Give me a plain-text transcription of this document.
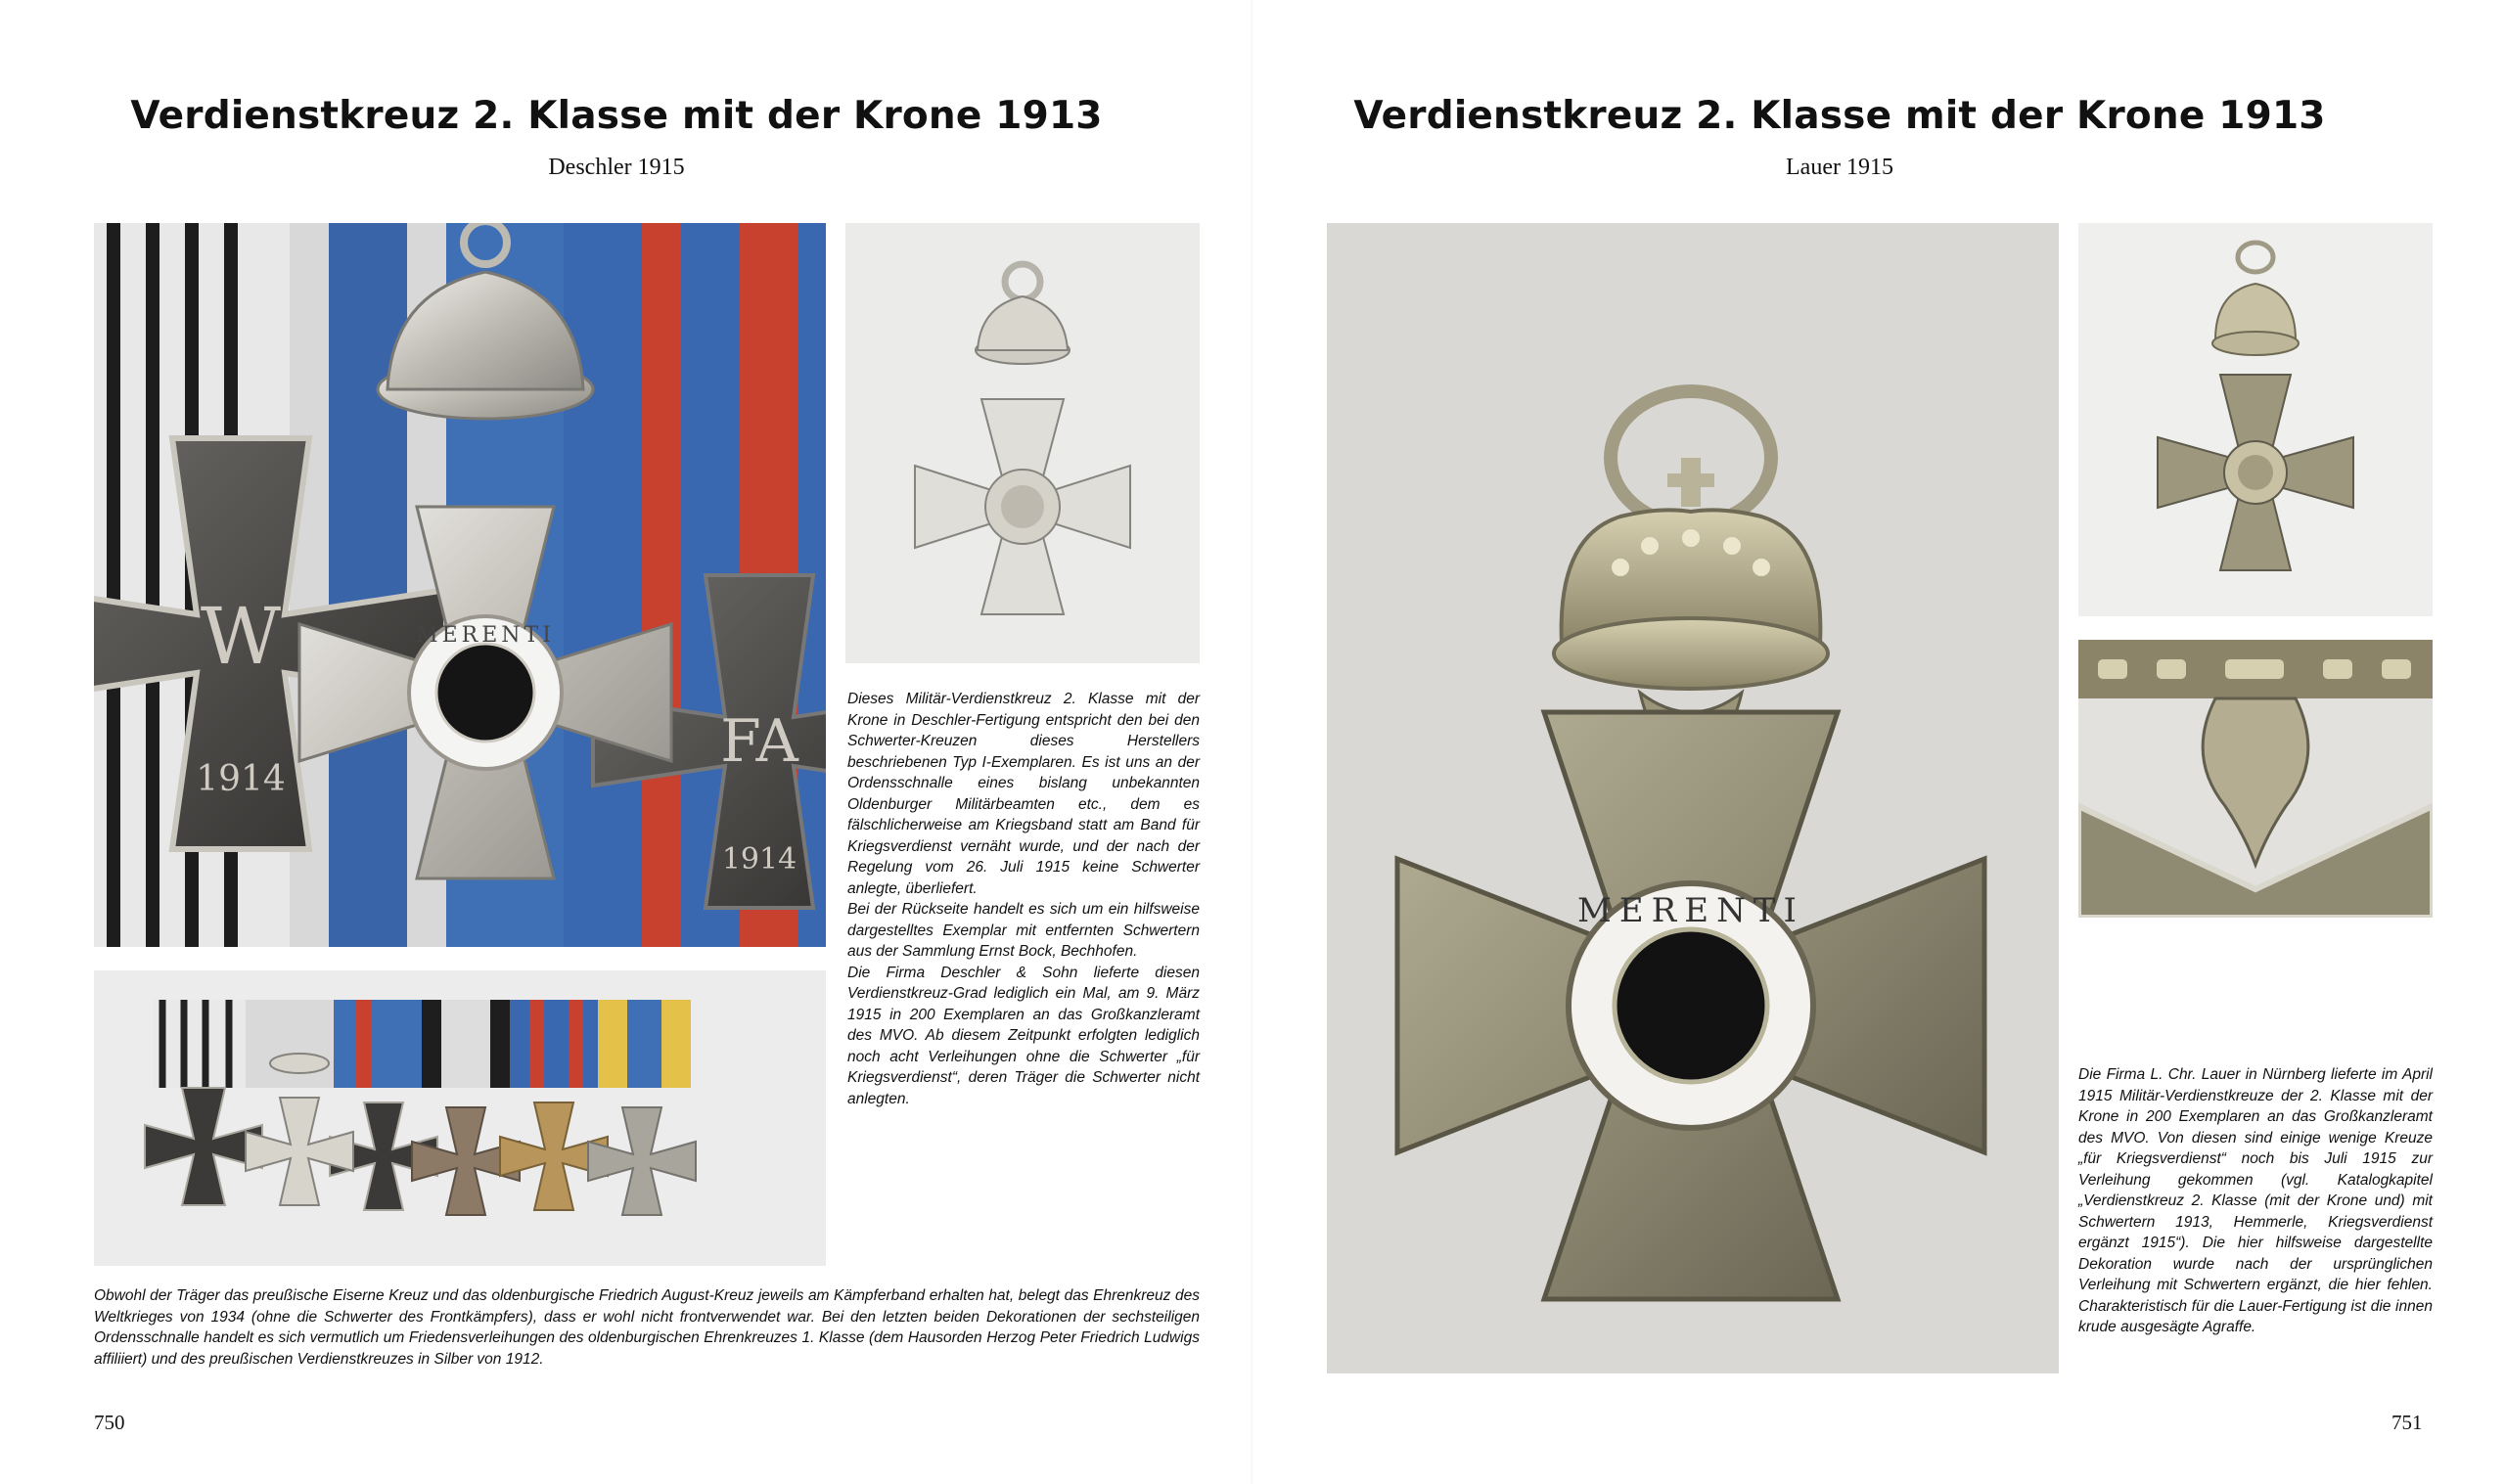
Verdienstkreuz 2. Klasse mit der Krone 1913
Deschler 1915
W
1914
FA
1914
MERENTI

Dieses Militär-Verdienstkreuz 2. Klasse mit der Krone in Deschler-Fertigung entspricht den bei den Schwerter-Kreuzen dieses Herstellers beschriebenen Typ I-Exemplaren. Es ist uns an der Ordensschnalle eines bislang unbekannten Oldenburger Militärbeamten etc., dem es fälschlicherweise am Kriegsband statt am Band für Kriegsverdienst vernäht wurde, und der nach der Regelung vom 26. Juli 1915 keine Schwerter anlegte, überliefert.

Bei der Rückseite handelt es sich um ein hilfsweise dargestelltes Exemplar mit entfernten Schwertern aus der Sammlung Ernst Bock, Bechhofen.

Die Firma Deschler & Sohn lieferte diesen Verdienstkreuz-Grad lediglich ein Mal, am 9. März 1915 in 200 Exemplaren an das Großkanzleramt des MVO. Ab diesem Zeitpunkt erfolgten lediglich noch acht Verleihungen ohne die Schwerter „für Kriegsverdienst“, deren Träger die Schwerter nicht anlegten.

Obwohl der Träger das preußische Eiserne Kreuz und das oldenburgische Friedrich August-Kreuz jeweils am Kämpferband erhalten hat, belegt das Ehrenkreuz des Weltkrieges von 1934 (ohne die Schwerter des Frontkämpfers), dass er wohl nicht frontverwendet war. Bei den letzten beiden Dekorationen der sechsteiligen Ordensschnalle handelt es sich vermutlich um Friedensverleihungen des oldenburgischen Ehrenkreuzes 1. Klasse (dem Hausorden Herzog Peter Friedrich Ludwigs affiliiert) und des preußischen Verdienstkreuzes in Silber von 1912.

750
Verdienstkreuz 2. Klasse mit der Krone 1913
Lauer 1915
MERENTI

Die Firma L. Chr. Lauer in Nürnberg lieferte im April 1915 Militär-Verdienstkreuze der 2. Klasse mit der Krone in 200 Exemplaren an das Großkanzleramt des MVO. Von diesen sind einige wenige Kreuze „für Kriegsverdienst“ noch bis Juli 1915 zur Verleihung gekommen (vgl. Katalogkapitel „Verdienstkreuz 2. Klasse (mit der Krone und) mit Schwertern 1913, Hemmerle, Kriegsverdienst ergänzt 1915“). Die hier hilfsweise dargestellte Dekoration wurde nach der ursprünglichen Verleihung mit Schwertern ergänzt, die hier fehlen. Charakteristisch für die Lauer-Fertigung ist die innen krude ausgesägte Agraffe.

751
